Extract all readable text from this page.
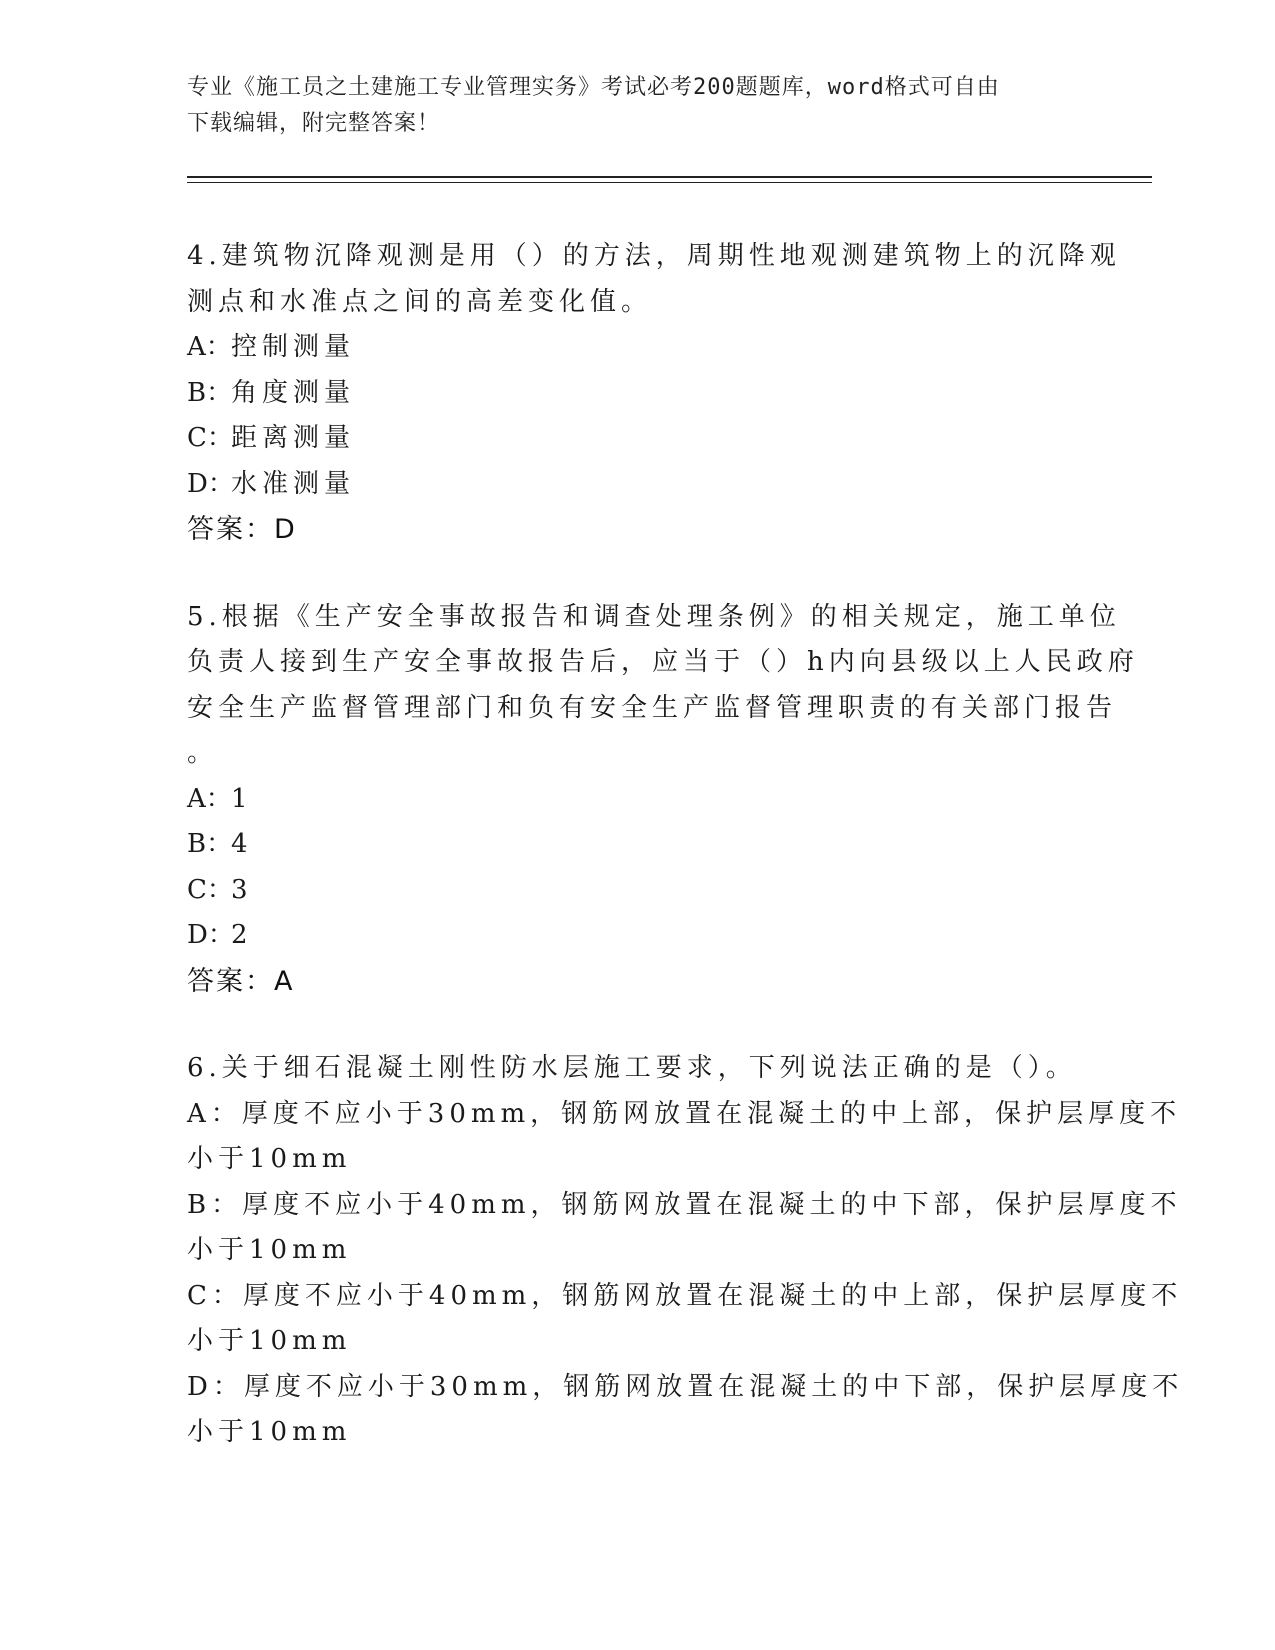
专业《施工员之土建施工专业管理实务》考试必考200题题库，word格式可自由
下载编辑，附完整答案！
4.建筑物沉降观测是用（）的方法，周期性地观测建筑物上的沉降观
测点和水准点之间的高差变化值。
A：控制测量
B：角度测量
C：距离测量
D：水准测量
答案：D
5.根据《生产安全事故报告和调查处理条例》的相关规定，施工单位
负责人接到生产安全事故报告后，应当于（）h内向县级以上人民政府
安全生产监督管理部门和负有安全生产监督管理职责的有关部门报告
。
A：1
B：4
C：3
D：2
答案：A
6.关于细石混凝土刚性防水层施工要求，下列说法正确的是（）。
A：厚度不应小于30mm，钢筋网放置在混凝土的中上部，保护层厚度不
小于10mm
B：厚度不应小于40mm，钢筋网放置在混凝土的中下部，保护层厚度不
小于10mm
C：厚度不应小于40mm，钢筋网放置在混凝土的中上部，保护层厚度不
小于10mm
D：厚度不应小于30mm，钢筋网放置在混凝土的中下部，保护层厚度不
小于10mm
